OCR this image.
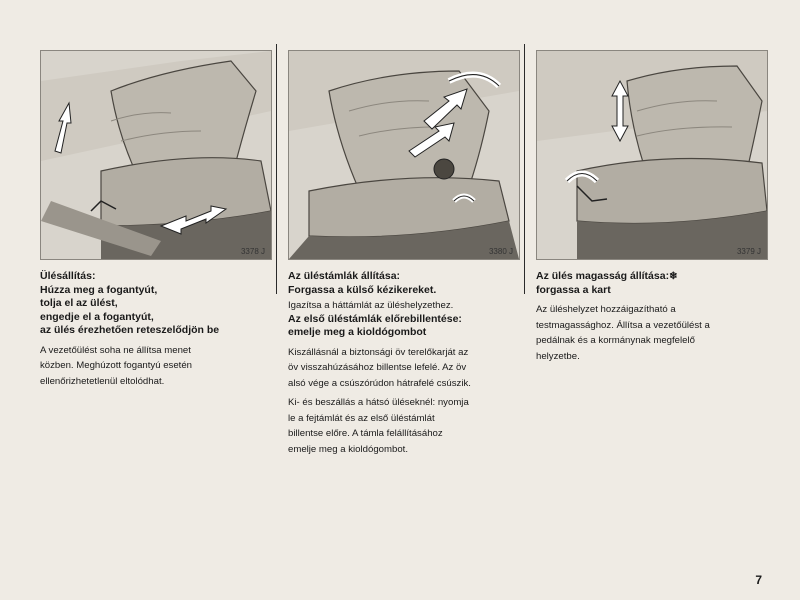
3378 J

Ülésállítás:

Húzza meg a fogantyút,

tolja el az ülést,

engedje el a fogantyút,

az ülés érezhetően reteszelődjön be

A vezetőülést soha ne állítsa menet

közben. Meghúzott fogantyú esetén

ellenőrizhetetlenül eltolódhat.

3380 J

Az üléstámlák állítása:

Forgassa a külső kézikereket.

Igazítsa a háttámlát az üléshelyzethez.

Az első üléstámlák előrebillentése:

emelje meg a kioldógombot

Kiszállásnál a biztonsági öv terelőkarját az

öv visszahúzásához billentse lefelé. Az öv

alsó vége a csúszórúdon hátrafelé csúszik.

Ki- és beszállás a hátsó üléseknél: nyomja

le a fejtámlát és az első üléstámlát

billentse előre. A támla felállításához

emelje meg a kioldógombot.

3379 J

Az ülés magasság állítása:❄

forgassa a kart

Az üléshelyzet hozzáigazítható a

testmagassághoz. Állítsa a vezetőülést a

pedálnak és a kormánynak megfelelő

helyzetbe.

7
